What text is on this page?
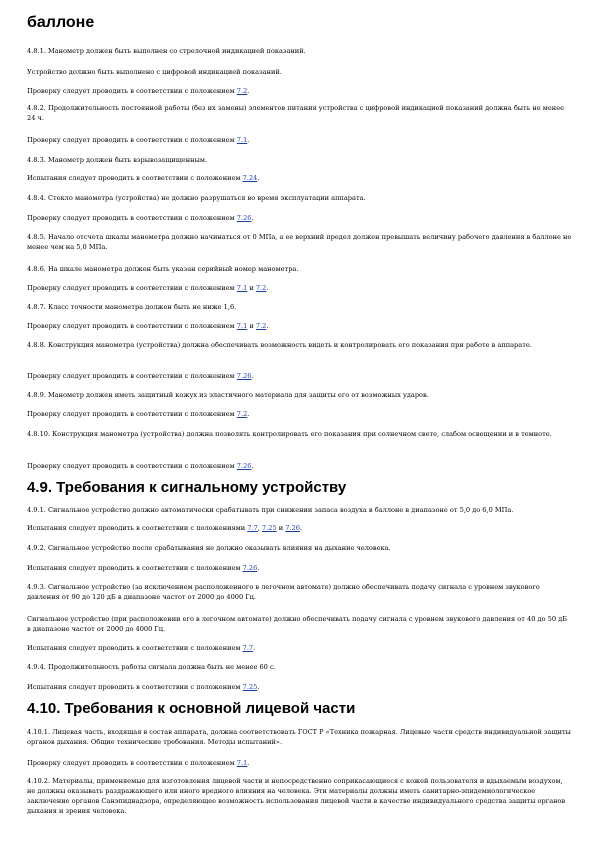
баллоне

4.8.1. Манометр должен быть выполнен со стрелочной индикацией показаний.

Устройство должно быть выполнено с цифровой индикацией показаний.

Проверку следует проводить в соответствии с положением 7.2.

4.8.2. Продолжительность постоянной работы (без их замены) элементов питания устройства с цифровой индикацией показаний должна быть не менее 24 ч.

Проверку следует проводить в соответствии с положением 7.1.

4.8.3. Манометр должен быть взрывозащищенным.

Испытания следует проводить в соответствии с положением 7.24.

4.8.4. Стекло манометра (устройства) не должно разрушаться во время эксплуатации аппарата.

Проверку следует проводить в соответствии с положением 7.26.

4.8.5. Начало отсчета шкалы манометра должно начинаться от 0 МПа, а ее верхний предел должен превышать величину рабочего давления в баллоне не менее чем на 5,0 МПа.

4.8.6. На шкале манометра должен быть указан серийный номер манометра.

Проверку следует проводить в соответствии с положением 7.1 и 7.2.

4.8.7. Класс точности манометра должен быть не ниже 1,6.

Проверку следует проводить в соответствии с положением 7.1 и 7.2.

4.8.8. Конструкция манометра (устройства) должна обеспечивать возможность видеть и контролировать его показания при работе в аппарате.

Проверку следует проводить в соответствии с положением 7.26.

4.8.9. Манометр должен иметь защитный кожух из эластичного материала для защиты его от возможных ударов.

Проверку следует проводить в соответствии с положением 7.2.

4.8.10. Конструкция манометра (устройства) должна позволять контролировать его показания при солнечном свете, слабом освещении и в темноте.

Проверку следует проводить в соответствии с положением 7.26.

4.9.1. Сигнальное устройство должно автоматически срабатывать при снижении запаса воздуха в баллоне в диапазоне от 5,0 до 6,0 МПа.

Испытания следует проводить в соответствии с положениями 7.7, 7.25 и 7.26.

4.9.2. Сигнальное устройство после срабатывания не должно оказывать влияния на дыхание человека.

Испытания следует проводить в соответствии с положением 7.26.

4.9.3. Сигнальное устройство (за исключением расположенного в легочном автомате) должно обеспечивать подачу сигнала с уровнем звукового давления от 90 до 120 дБ в диапазоне частот от 2000 до 4000 Гц.

Сигнальное устройство (при расположении его в легочном автомате) должно обеспечивать подачу сигнала с уровнем звукового давления от 40 до 50 дБ в диапазоне частот от 2000 до 4000 Гц.

Испытания следует проводить в соответствии с положением 7.7.

4.9.4. Продолжительность работы сигнала должна быть не менее 60 с.

Испытания следует проводить в соответствии с положением 7.25.

4.10.1. Лицевая часть, входящая в состав аппарата, должна соответствовать ГОСТ Р «Техника пожарная. Лицевые части средств индивидуальной защиты органов дыхания. Общие технические требования. Методы испытаний».

Проверку следует проводить в соответствии с положением 7.1.

4.10.2. Материалы, применяемые для изготовления лицевой части и непосредственно соприкасающиеся с кожей пользователя и вдыхаемым воздухом, не должны оказывать раздражающего или иного вредного влияния на человека. Эти материалы должны иметь санитарно-эпидемиологическое заключение органов Санэпиднадзора, определяющее возможность использования лицевой части в качестве индивидуального средства защиты органов дыхания и зрения человека.

4.9. Требования к сигнальному устройству
4.10. Требования к основной лицевой части
